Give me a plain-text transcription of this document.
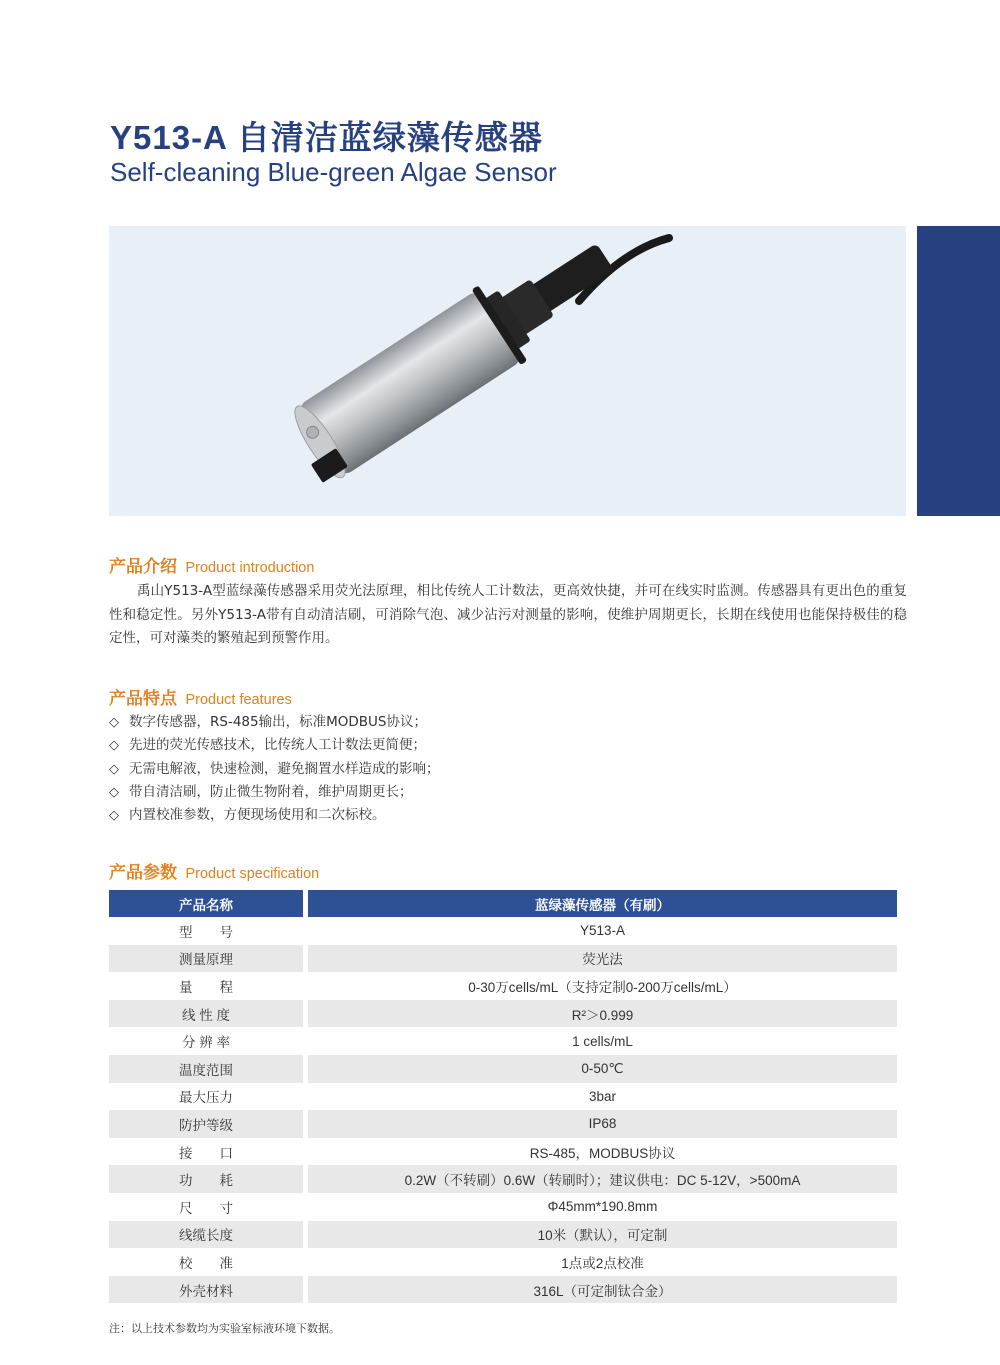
Y513-A 自清洁蓝绿藻传感器
Self-cleaning Blue-green Algae Sensor
产品介绍 Product introduction

禹山Y513-A型蓝绿藻传感器采用荧光法原理，相比传统人工计数法，更高效快捷，并可在线实时监测。传感器具有更出色的重复性和稳定性。另外Y513-A带有自动清洁刷，可消除气泡、减少沾污对测量的影响，使维护周期更长，长期在线使用也能保持极佳的稳定性，可对藻类的繁殖起到预警作用。

产品特点 Product features
◇ 数字传感器，RS-485输出，标准MODBUS协议；
◇ 先进的荧光传感技术，比传统人工计数法更简便；
◇ 无需电解液，快速检测，避免搁置水样造成的影响；
◇ 带自清洁刷，防止微生物附着，维护周期更长；
◇ 内置校准参数，方便现场使用和二次标校。
产品参数 Product specification
产品名称	蓝绿藻传感器（有刷）
型　　号	Y513-A
测量原理	荧光法
量　　程	0-30万cells/mL（支持定制0-200万cells/mL）
线 性 度	R²＞0.999
分 辨 率	1 cells/mL
温度范围	0-50℃
最大压力	3bar
防护等级	IP68
接　　口	RS-485，MODBUS协议
功　　耗	0.2W（不转刷）0.6W（转刷时）；建议供电：DC 5-12V，>500mA
尺　　寸	Φ45mm*190.8mm
线缆长度	10米（默认），可定制
校　　准	1点或2点校准
外壳材料	316L（可定制钛合金）
注：以上技术参数均为实验室标液环境下数据。
